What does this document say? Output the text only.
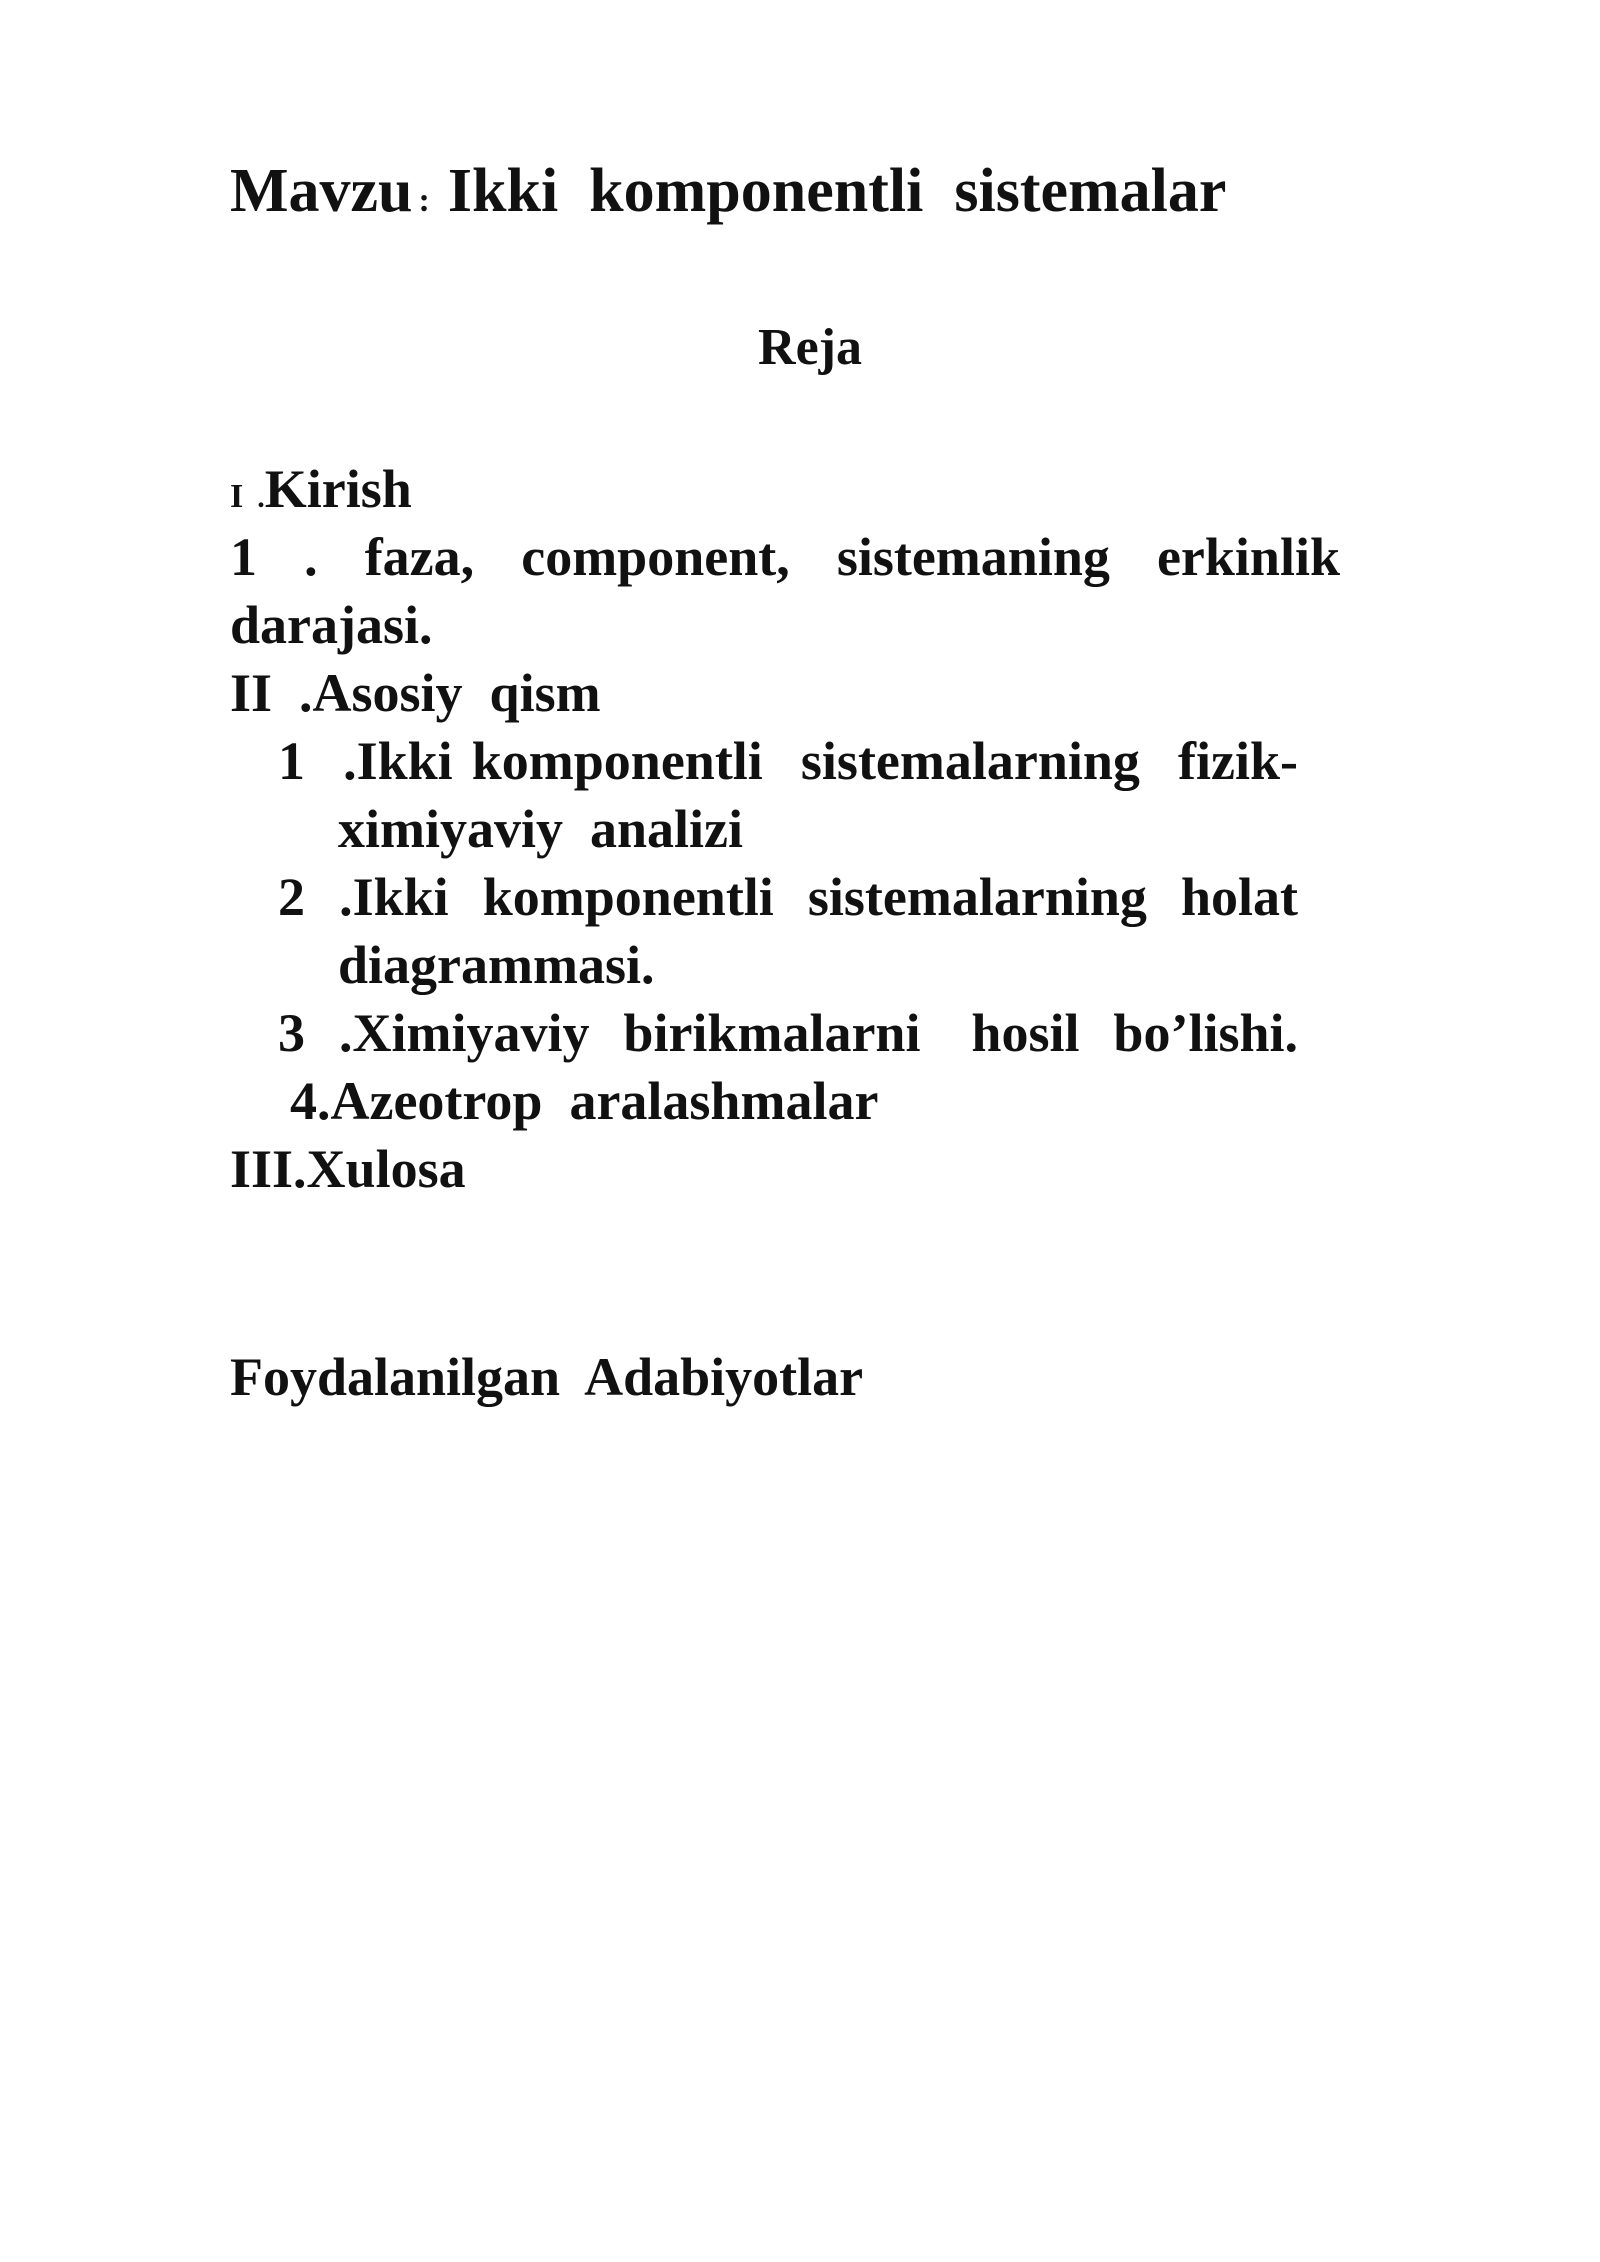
Mavzu : Ikki  komponentli  sistemalar
Reja
I .Kirish
1  .  faza,  component,  sistemaning  erkinlik
darajasi.
II  .Asosiy  qism
1  .Ikki komponentli  sistemalarning  fizik-
ximiyaviy  analizi
2  .Ikki  komponentli  sistemalarning  holat
diagrammasi.
3  .Ximiyaviy  birikmalarni   hosil  bo’lishi.
4.Azeotrop  aralashmalar
III.Xulosa
Foydalanilgan  Adabiyotlar
